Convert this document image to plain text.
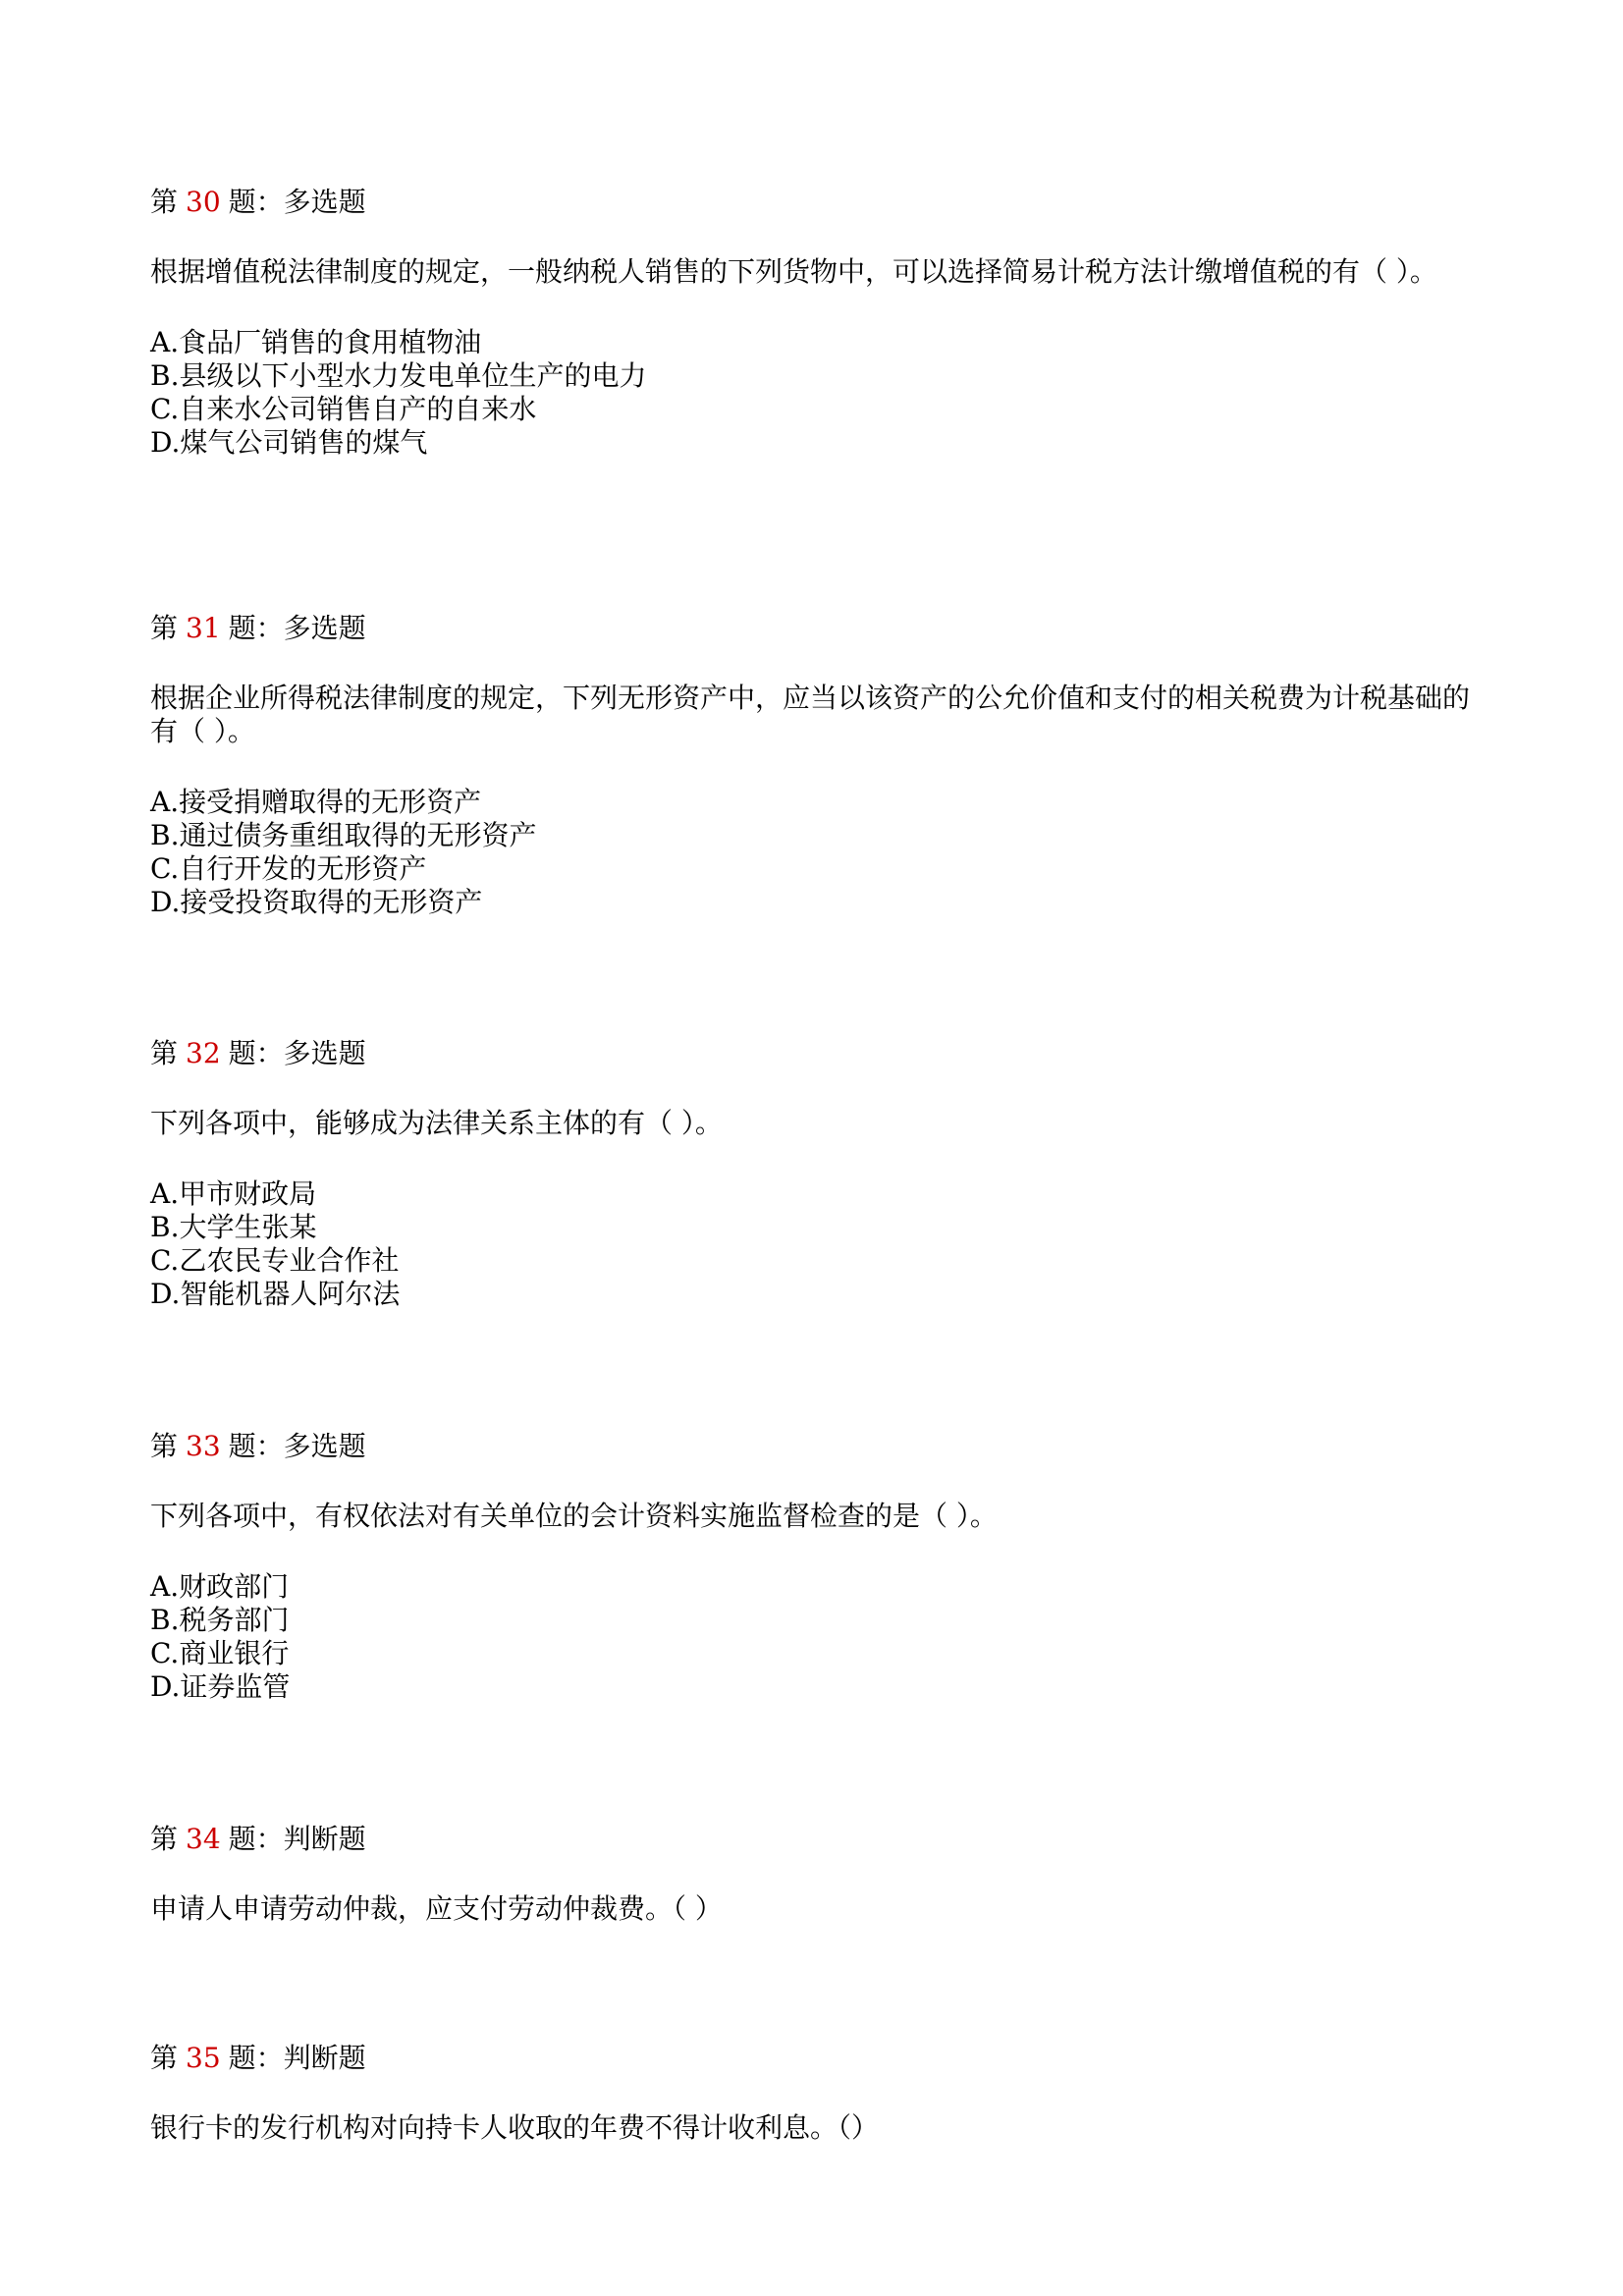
第 30 题：多选题
根据增值税法律制度的规定，一般纳税人销售的下列货物中，可以选择简易计税方法计缴增值税的有（ ）。
A.食品厂销售的食用植物油
B.县级以下小型水力发电单位生产的电力
C.自来水公司销售自产的自来水
D.煤气公司销售的煤气
第 31 题：多选题
根据企业所得税法律制度的规定，下列无形资产中，应当以该资产的公允价值和支付的相关税费为计税基础的有（ ）。
A.接受捐赠取得的无形资产
B.通过债务重组取得的无形资产
C.自行开发的无形资产
D.接受投资取得的无形资产
第 32 题：多选题
下列各项中，能够成为法律关系主体的有（ ）。
A.甲市财政局
B.大学生张某
C.乙农民专业合作社
D.智能机器人阿尔法
第 33 题：多选题
下列各项中，有权依法对有关单位的会计资料实施监督检查的是（ ）。
A.财政部门
B.税务部门
C.商业银行
D.证券监管
第 34 题：判断题
申请人申请劳动仲裁，应支付劳动仲裁费。（ ）
第 35 题：判断题
银行卡的发行机构对向持卡人收取的年费不得计收利息。（）
